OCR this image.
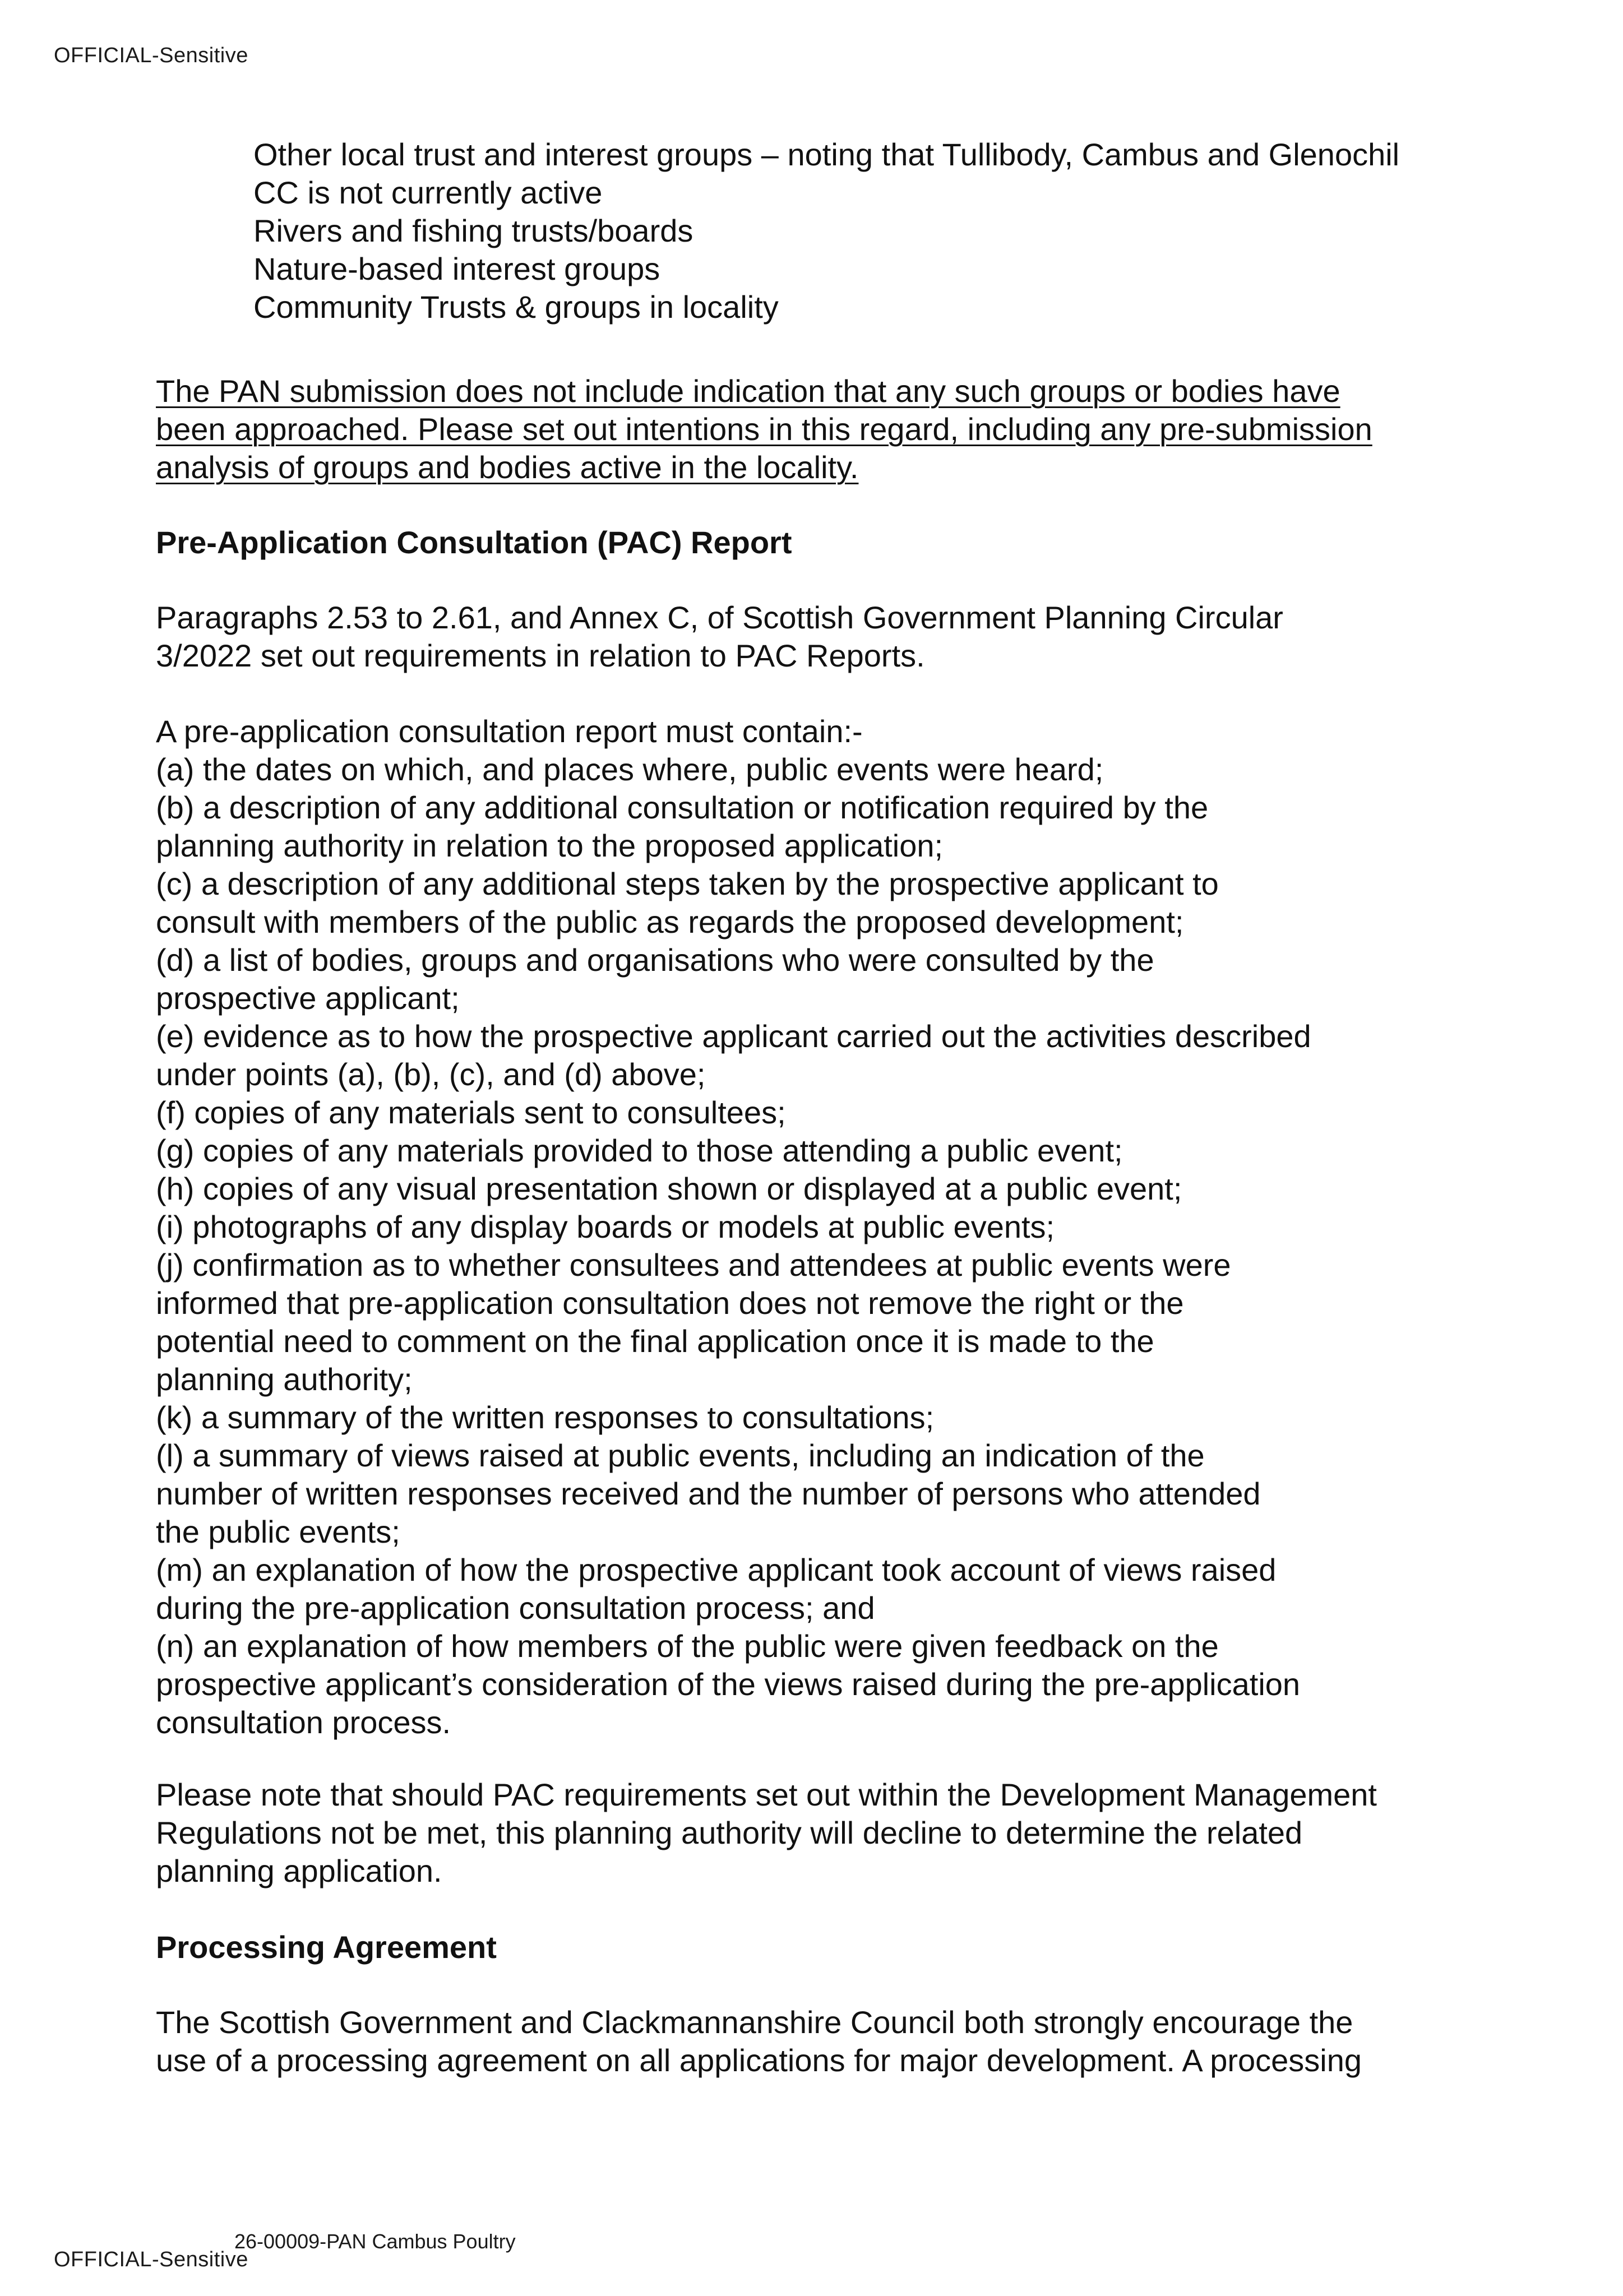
OFFICIAL-Sensitive
Other local trust and interest groups – noting that Tullibody, Cambus and Glenochil
CC is not currently active
Rivers and fishing trusts/boards
Nature-based interest groups
Community Trusts & groups in locality
The PAN submission does not include indication that any such groups or bodies have
been approached. Please set out intentions in this regard, including any pre-submission
analysis of groups and bodies active in the locality.
Pre-Application Consultation (PAC) Report
Paragraphs 2.53 to 2.61, and Annex C, of Scottish Government Planning Circular
3/2022 set out requirements in relation to PAC Reports.
A pre-application consultation report must contain:-
(a) the dates on which, and places where, public events were heard;
(b) a description of any additional consultation or notification required by the
planning authority in relation to the proposed application;
(c) a description of any additional steps taken by the prospective applicant to
consult with members of the public as regards the proposed development;
(d) a list of bodies, groups and organisations who were consulted by the
prospective applicant;
(e) evidence as to how the prospective applicant carried out the activities described
under points (a), (b), (c), and (d) above;
(f) copies of any materials sent to consultees;
(g) copies of any materials provided to those attending a public event;
(h) copies of any visual presentation shown or displayed at a public event;
(i) photographs of any display boards or models at public events;
(j) confirmation as to whether consultees and attendees at public events were
informed that pre-application consultation does not remove the right or the
potential need to comment on the final application once it is made to the
planning authority;
(k) a summary of the written responses to consultations;
(l) a summary of views raised at public events, including an indication of the
number of written responses received and the number of persons who attended
the public events;
(m) an explanation of how the prospective applicant took account of views raised
during the pre-application consultation process; and
(n) an explanation of how members of the public were given feedback on the
prospective applicant’s consideration of the views raised during the pre-application
consultation process.
Please note that should PAC requirements set out within the Development Management
Regulations not be met, this planning authority will decline to determine the related
planning application.
Processing Agreement
The Scottish Government and Clackmannanshire Council both strongly encourage the
use of a processing agreement on all applications for major development. A processing
26-00009-PAN Cambus Poultry
OFFICIAL-Sensitive
